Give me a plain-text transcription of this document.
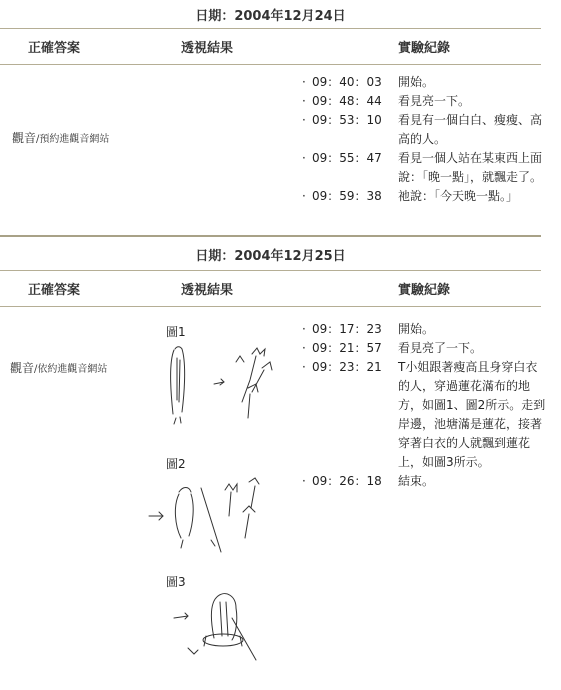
日期：2004年12月24日
正確答案	透視結果	實驗紀錄
觀音/預約進觀音網站
· 09：40：03	開始。
· 09：48：44	看見亮一下。
· 09：53：10	看見有一個白白、瘦瘦、高高的人。
· 09：55：47	看見一個人站在某東西上面說：「晚一點」，就飄走了。
· 09：59：38	祂說：「今天晚一點。」
日期：2004年12月25日
正確答案	透視結果	實驗紀錄
觀音/依約進觀音網站
圖1
圖2
圖3
· 09：17：23	開始。
· 09：21：57	看見亮了一下。
· 09：23：21	T小姐跟著瘦高且身穿白衣的人，穿過蓮花滿布的地方，如圖1、圖2所示。走到岸邊，池塘滿是蓮花，接著穿著白衣的人就飄到蓮花上，如圖3所示。
· 09：26：18	結束。
